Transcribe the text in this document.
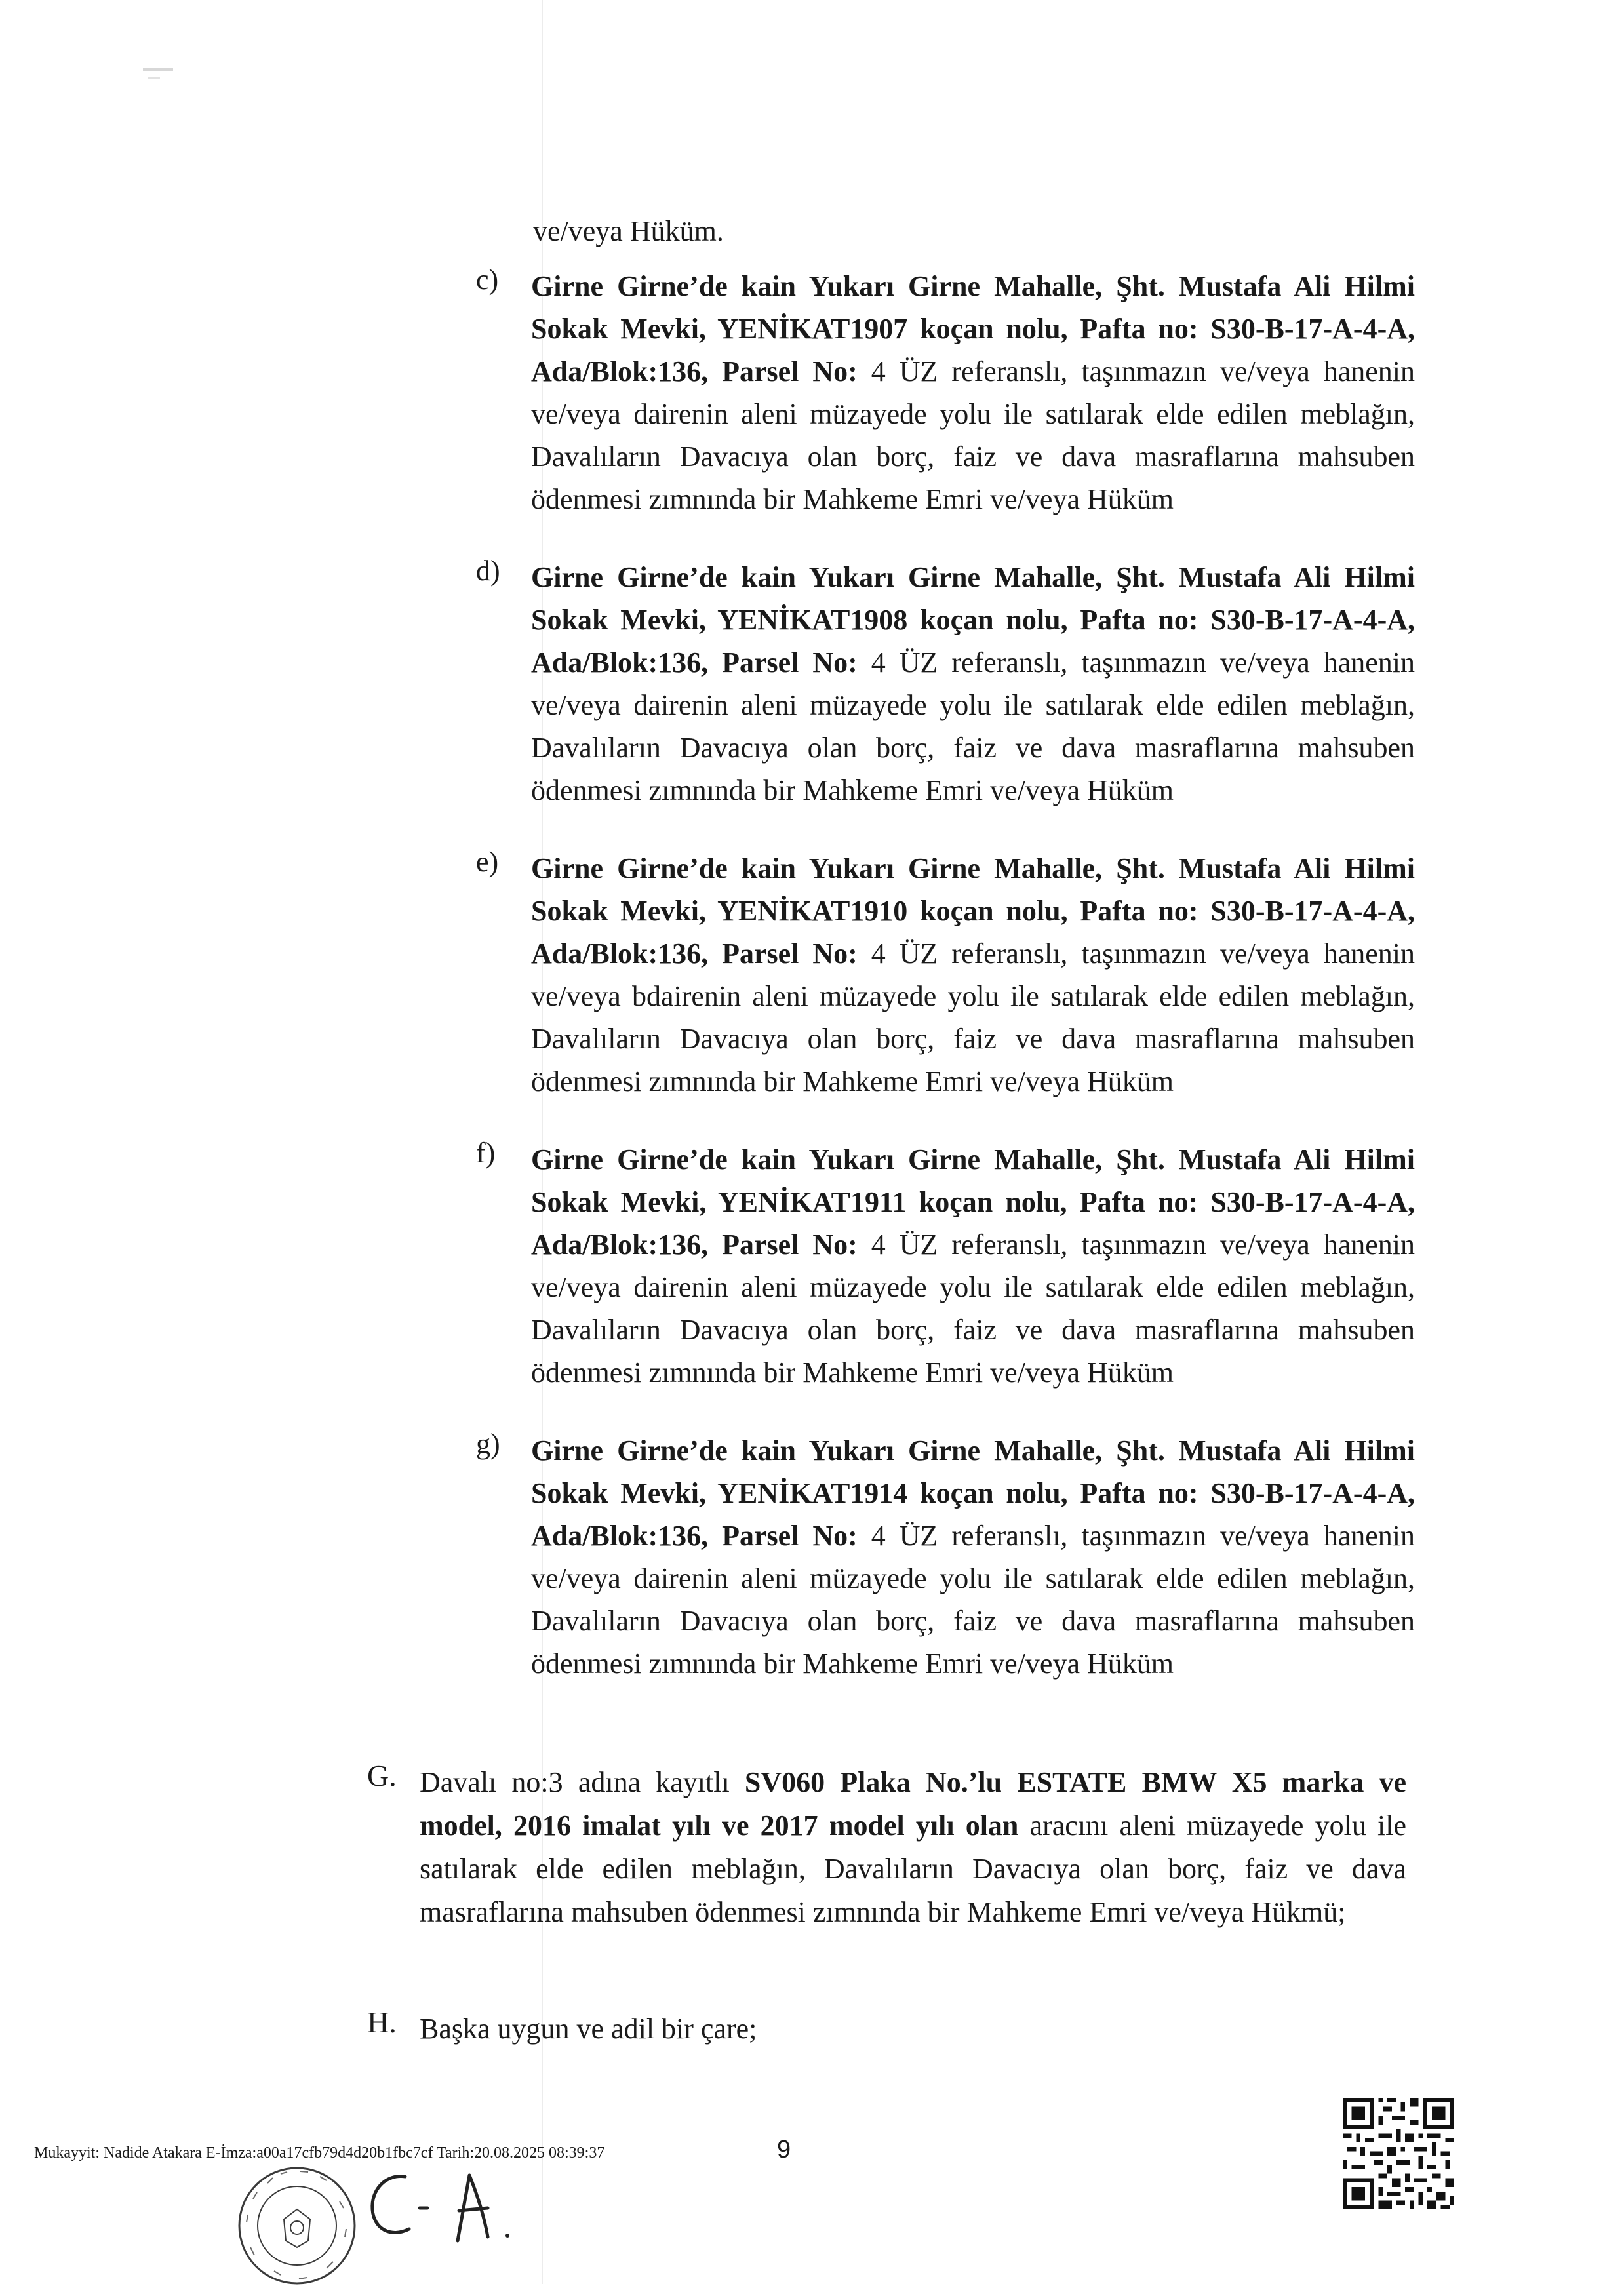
ve/veya Hüküm.
c) Girne Girne’de kain Yukarı Girne Mahalle, Şht. Mustafa Ali Hilmi Sokak Mevki, YENİKAT1907 koçan nolu, Pafta no: S30-B-17-A-4-A, Ada/Blok:136, Parsel No: 4 ÜZ referanslı, taşınmazın ve/veya hanenin ve/veya dairenin aleni müzayede yolu ile satılarak elde edilen meblağın, Davalıların Davacıya olan borç, faiz ve dava masraflarına mahsuben ödenmesi zımnında bir Mahkeme Emri ve/veya Hüküm
d) Girne Girne’de kain Yukarı Girne Mahalle, Şht. Mustafa Ali Hilmi Sokak Mevki, YENİKAT1908 koçan nolu, Pafta no: S30-B-17-A-4-A, Ada/Blok:136, Parsel No: 4 ÜZ referanslı, taşınmazın ve/veya hanenin ve/veya dairenin aleni müzayede yolu ile satılarak elde edilen meblağın, Davalıların Davacıya olan borç, faiz ve dava masraflarına mahsuben ödenmesi zımnında bir Mahkeme Emri ve/veya Hüküm
e) Girne Girne’de kain Yukarı Girne Mahalle, Şht. Mustafa Ali Hilmi Sokak Mevki, YENİKAT1910 koçan nolu, Pafta no: S30-B-17-A-4-A, Ada/Blok:136, Parsel No: 4 ÜZ referanslı, taşınmazın ve/veya hanenin ve/veya bdairenin aleni müzayede yolu ile satılarak elde edilen meblağın, Davalıların Davacıya olan borç, faiz ve dava masraflarına mahsuben ödenmesi zımnında bir Mahkeme Emri ve/veya Hüküm
f) Girne Girne’de kain Yukarı Girne Mahalle, Şht. Mustafa Ali Hilmi Sokak Mevki, YENİKAT1911 koçan nolu, Pafta no: S30-B-17-A-4-A, Ada/Blok:136, Parsel No: 4 ÜZ referanslı, taşınmazın ve/veya hanenin ve/veya dairenin aleni müzayede yolu ile satılarak elde edilen meblağın, Davalıların Davacıya olan borç, faiz ve dava masraflarına mahsuben ödenmesi zımnında bir Mahkeme Emri ve/veya Hüküm
g) Girne Girne’de kain Yukarı Girne Mahalle, Şht. Mustafa Ali Hilmi Sokak Mevki, YENİKAT1914 koçan nolu, Pafta no: S30-B-17-A-4-A, Ada/Blok:136, Parsel No: 4 ÜZ referanslı, taşınmazın ve/veya hanenin ve/veya dairenin aleni müzayede yolu ile satılarak elde edilen meblağın, Davalıların Davacıya olan borç, faiz ve dava masraflarına mahsuben ödenmesi zımnında bir Mahkeme Emri ve/veya Hüküm
G. Davalı no:3 adına kayıtlı SV060 Plaka No.’lu ESTATE BMW X5 marka ve model, 2016 imalat yılı ve 2017 model yılı olan aracını aleni müzayede yolu ile satılarak elde edilen meblağın, Davalıların Davacıya olan borç, faiz ve dava masraflarına mahsuben ödenmesi zımnında bir Mahkeme Emri ve/veya Hükmü;
H. Başka uygun ve adil bir çare;
Mukayyit: Nadide Atakara E-İmza:a00a17cfb79d4d20b1fbc7cf Tarih:20.08.2025 08:39:37	9
